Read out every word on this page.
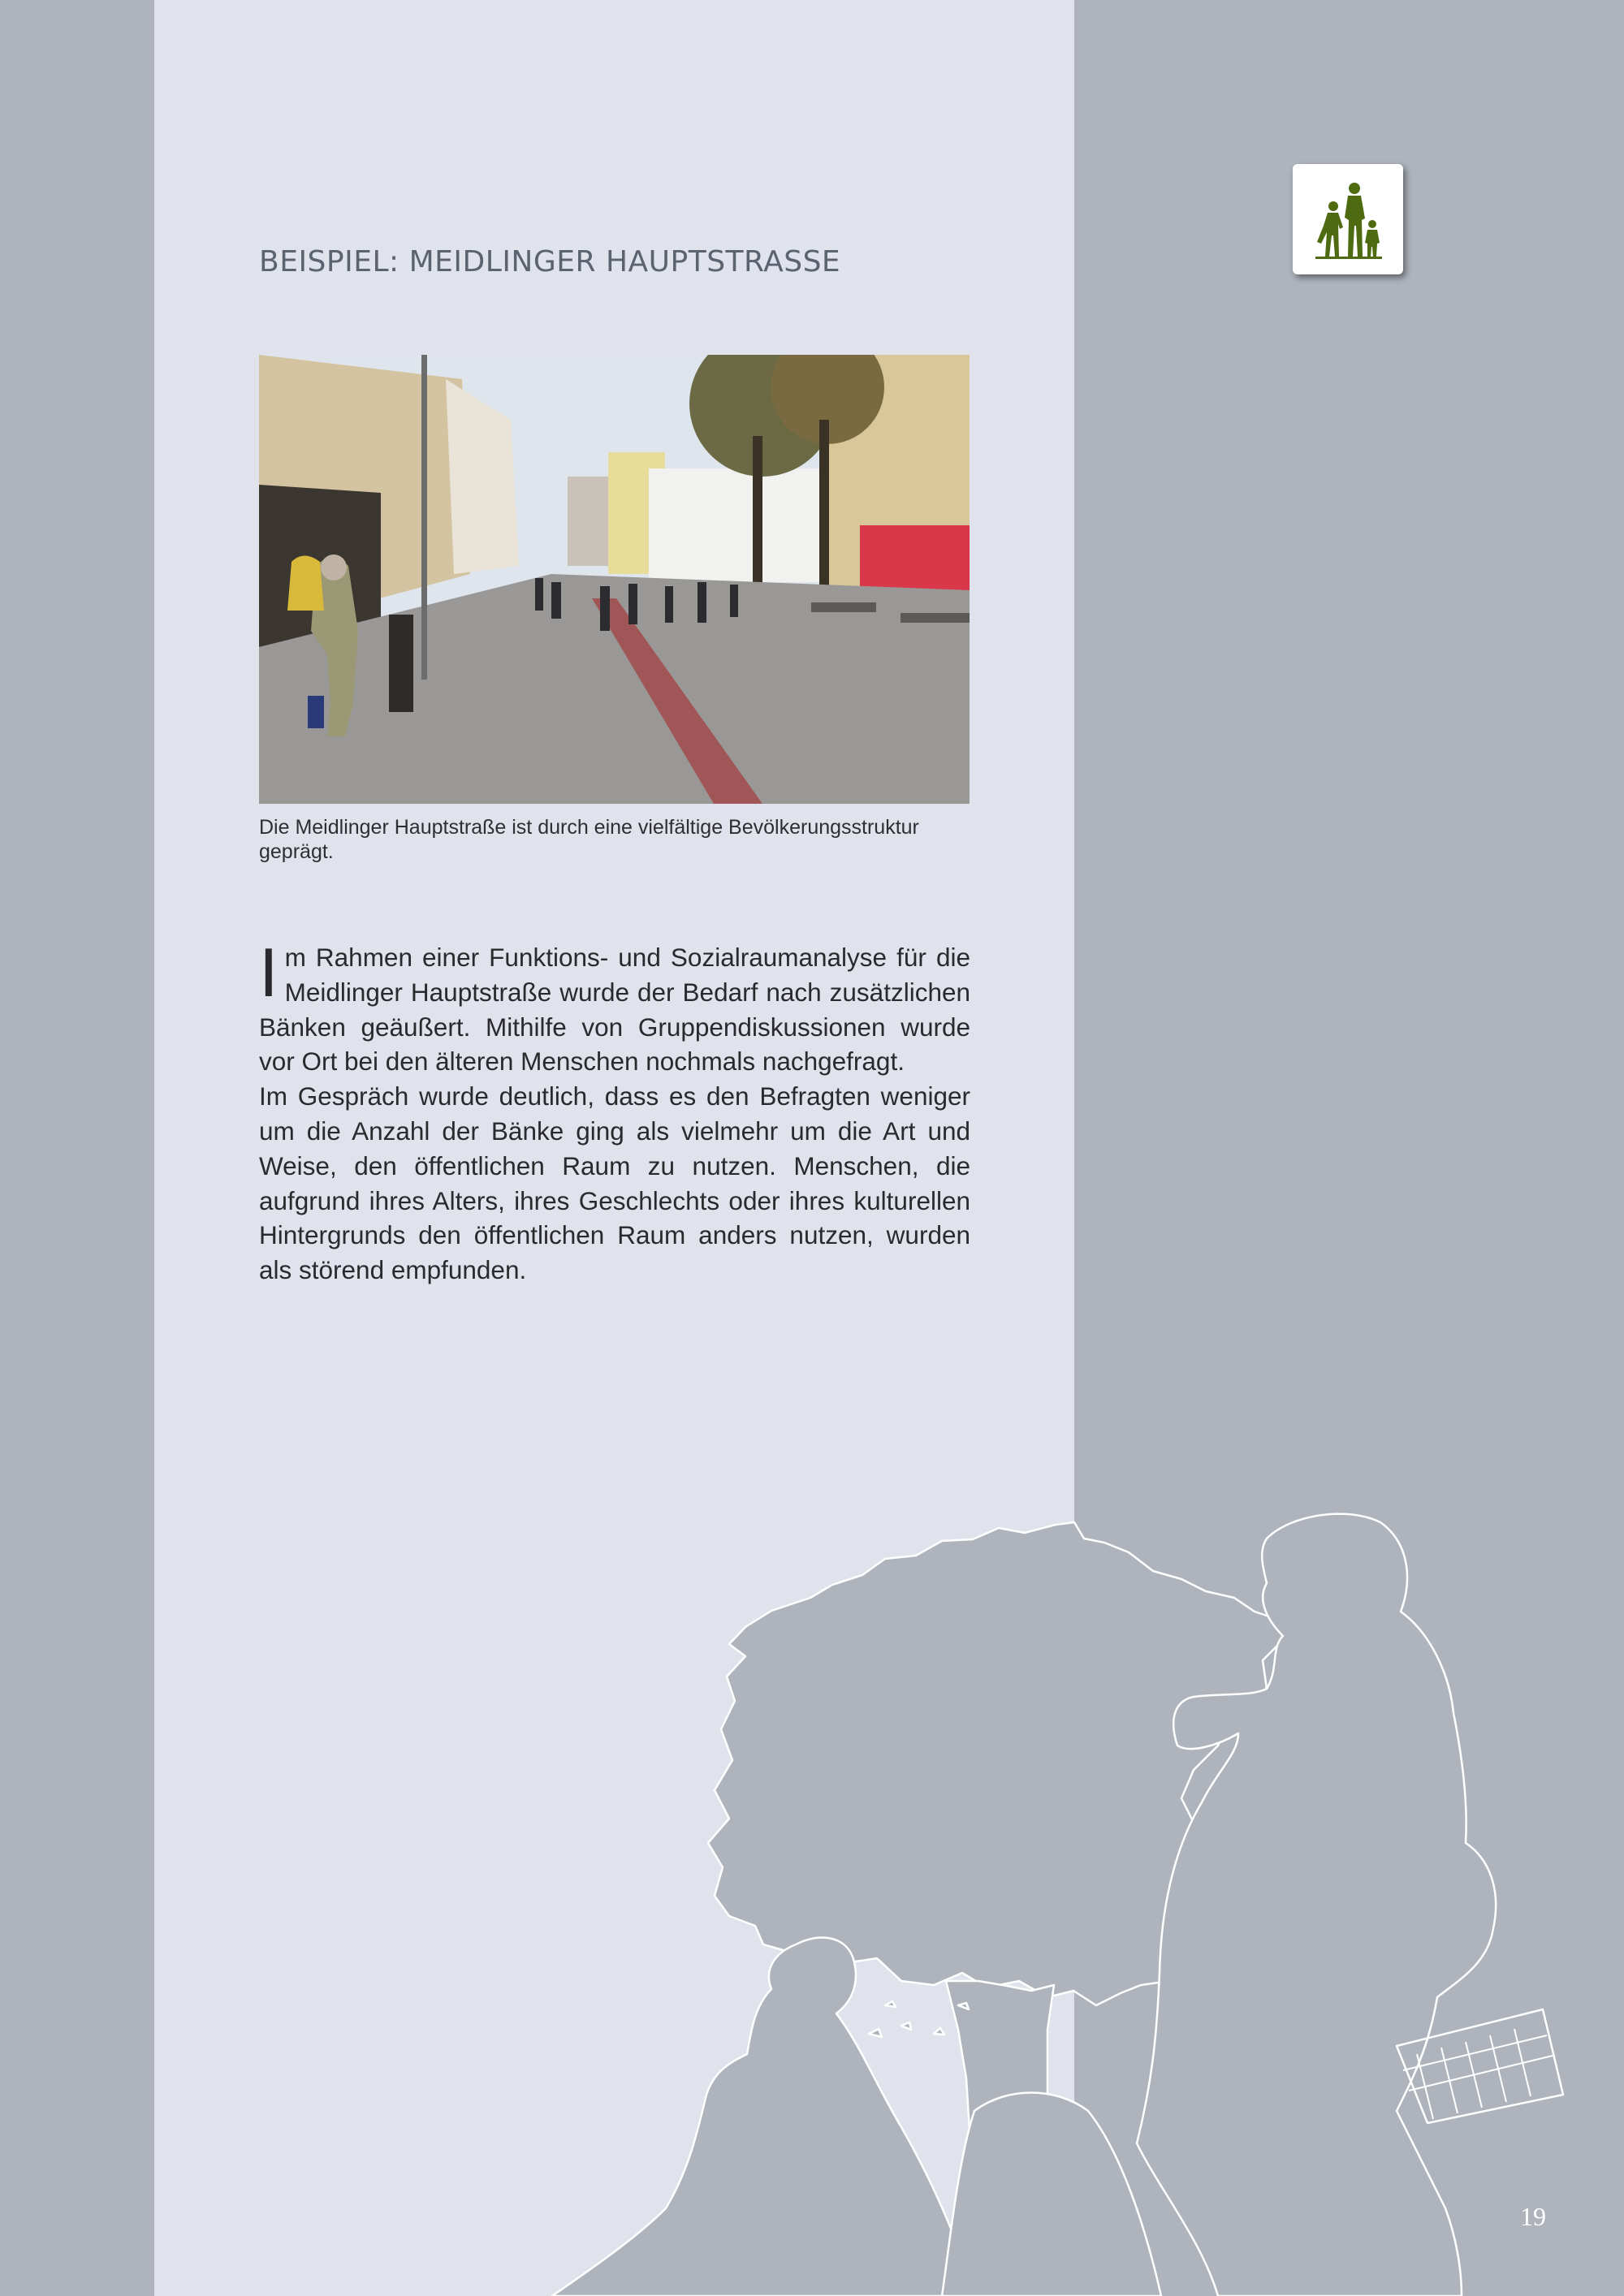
BEISPIEL: MEIDLINGER HAUPTSTRASSE

Die Meidlinger Hauptstraße ist durch eine vielfältige Bevölkerungsstruktur geprägt.

Im Rahmen einer Funktions- und Sozialraumanalyse für die Meidlinger Hauptstraße wurde der Bedarf nach zusätzlichen Bänken geäußert. Mithilfe von Gruppendiskussionen wurde vor Ort bei den älteren Menschen nochmals nachgefragt.

Im Gespräch wurde deutlich, dass es den Befragten weniger um die Anzahl der Bänke ging als vielmehr um die Art und Weise, den öffentlichen Raum zu nutzen. Menschen, die aufgrund ihres Alters, ihres Geschlechts oder ihres kulturellen Hintergrunds den öffentlichen Raum anders nutzen, wurden als störend empfunden.

19
